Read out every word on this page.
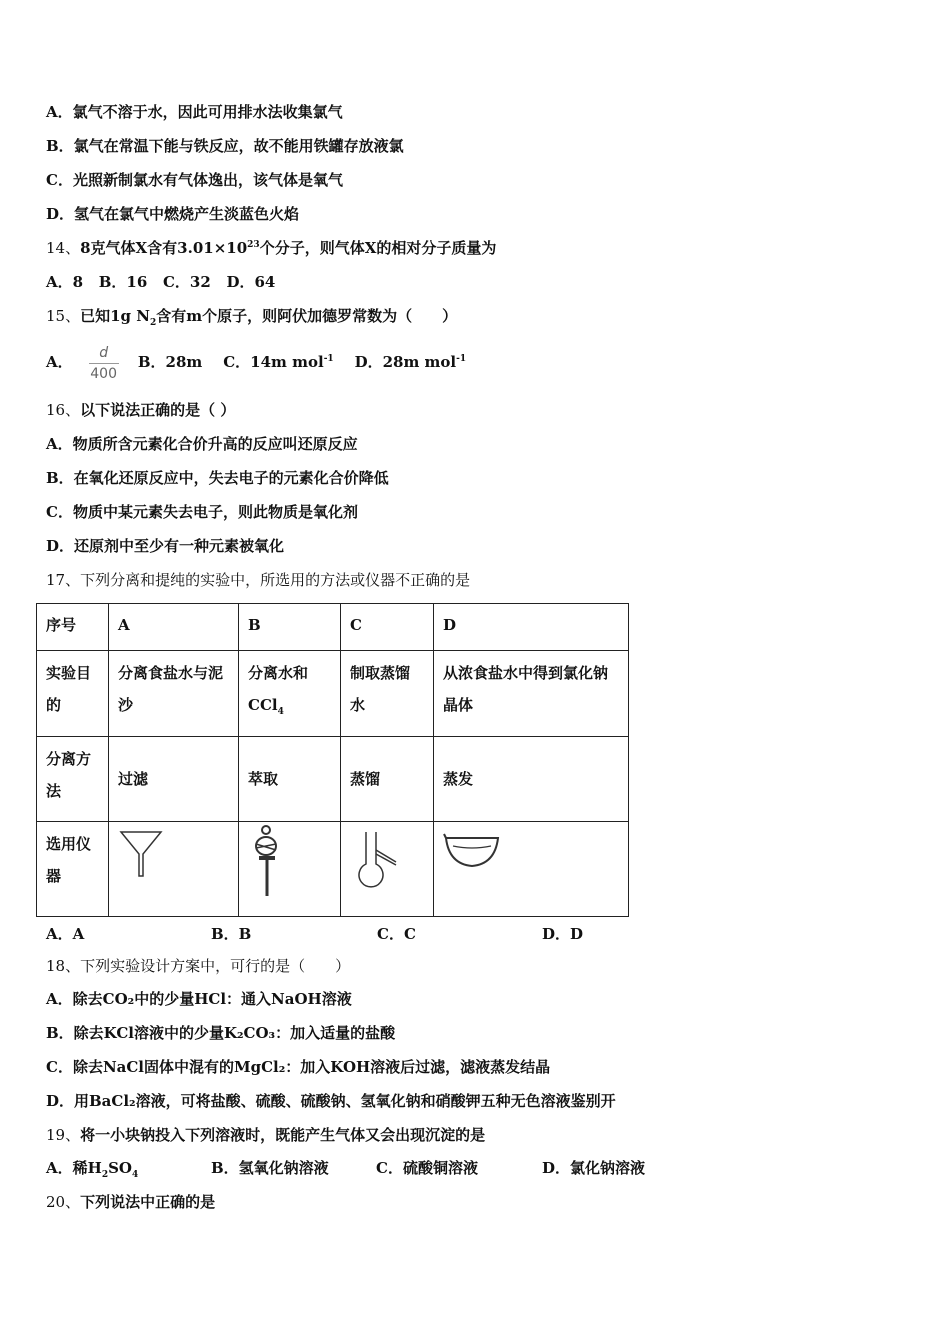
A．氯气不溶于水，因此可用排水法收集氯气
B．氯气在常温下能与铁反应，故不能用铁罐存放液氯
C．光照新制氯水有气体逸出，该气体是氧气
D．氢气在氯气中燃烧产生淡蓝色火焰
14、8克气体X含有$3.01\times 10^{23}$个分子，则气体X的相对分子质量为
A．8   B．16   C．32   D．64
15、已知1g $N_2$含有m个原子，则阿伏加德罗常数为（　　）
A． $\frac{d}{400}$ B．28m C．14m mol$^{-1}$ D．28m mol$^{-1}$
16、以下说法正确的是（ ）
A．物质所含元素化合价升高的反应叫还原反应
B．在氧化还原反应中，失去电子的元素化合价降低
C．物质中某元素失去电子，则此物质是氧化剂
D．还原剂中至少有一种元素被氧化
17、下列分离和提纯的实验中，所选用的方法或仪器不正确的是
序号	A	B	C	D
实验目的	分离食盐水与泥沙	分离水和CCl$_4$	制取蒸馏水	从浓食盐水中得到氯化钠晶体
分离方法	过滤	萃取	蒸馏	蒸发
选用仪器		

A．A	B．B	C．C	D．D
18、下列实验设计方案中，可行的是（　　）
A．除去CO₂中的少量HCl：通入NaOH溶液
B．除去KCl溶液中的少量K₂CO₃：加入适量的盐酸
C．除去NaCl固体中混有的MgCl₂：加入KOH溶液后过滤，滤液蒸发结晶
D．用BaCl₂溶液，可将盐酸、硫酸、硫酸钠、氢氧化钠和硝酸钾五种无色溶液鉴别开
19、将一小块钠投入下列溶液时，既能产生气体又会出现沉淀的是
A．稀$H_2SO_4$	B．氢氧化钠溶液	C．硫酸铜溶液	D．氯化钠溶液
20、下列说法中正确的是
